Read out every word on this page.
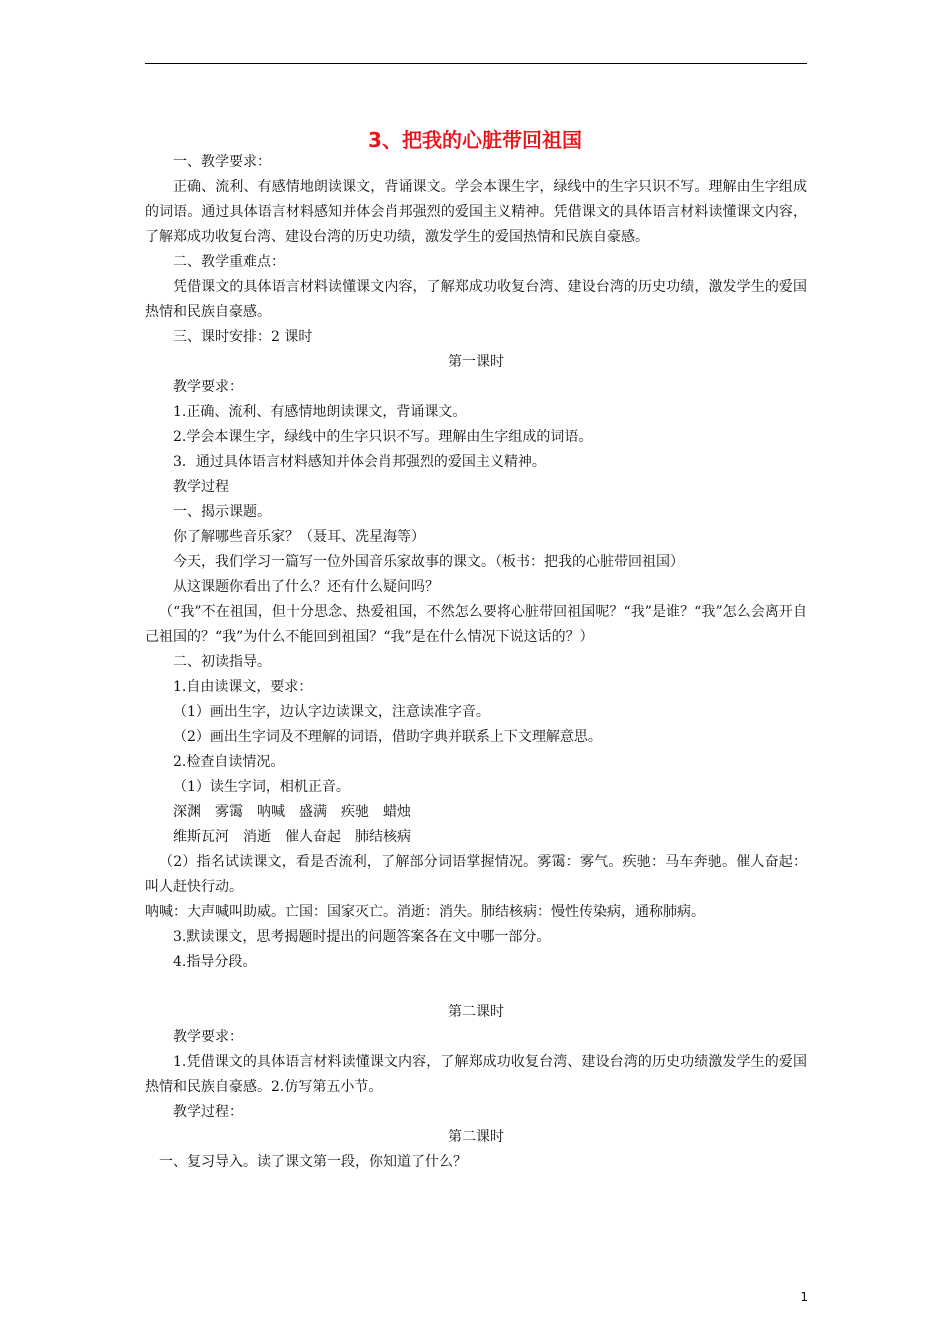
3、把我的心脏带回祖国

一、教学要求：

正确、流利、有感情地朗读课文，背诵课文。学会本课生字，绿线中的生字只识不写。理解由生字组成的词语。通过具体语言材料感知并体会肖邦强烈的爱国主义精神。凭借课文的具体语言材料读懂课文内容，了解郑成功收复台湾、建设台湾的历史功绩，激发学生的爱国热情和民族自豪感。

二、教学重难点：

凭借课文的具体语言材料读懂课文内容，了解郑成功收复台湾、建设台湾的历史功绩，激发学生的爱国热情和民族自豪感。

三、课时安排：2 课时

第一课时

教学要求：

1.正确、流利、有感情地朗读课文，背诵课文。

2.学会本课生字，绿线中的生字只识不写。理解由生字组成的词语。

3．通过具体语言材料感知并体会肖邦强烈的爱国主义精神。

教学过程

一、揭示课题。

你了解哪些音乐家？（聂耳、冼星海等）

今天，我们学习一篇写一位外国音乐家故事的课文。（板书：把我的心脏带回祖国）

从这课题你看出了什么？还有什么疑问吗？

（“我”不在祖国，但十分思念、热爱祖国，不然怎么要将心脏带回祖国呢？“我”是谁？“我”怎么会离开自己祖国的？“我”为什么不能回到祖国？“我”是在什么情况下说这话的？）

二、初读指导。

1.自由读课文，要求：

（1）画出生字，边认字边读课文，注意读准字音。

（2）画出生字词及不理解的词语，借助字典并联系上下文理解意思。

2.检查自读情况。

（1）读生字词，相机正音。

深渊　雾霭　呐喊　盛满　疾驰　蜡烛

维斯瓦河　消逝　催人奋起　肺结核病

（2）指名试读课文，看是否流利，了解部分词语掌握情况。雾霭：雾气。疾驰：马车奔驰。催人奋起：叫人赶快行动。

呐喊：大声喊叫助威。亡国：国家灭亡。消逝：消失。肺结核病：慢性传染病，通称肺病。

3.默读课文，思考揭题时提出的问题答案各在文中哪一部分。

4.指导分段。

第二课时

教学要求：

1.凭借课文的具体语言材料读懂课文内容，了解郑成功收复台湾、建设台湾的历史功绩激发学生的爱国热情和民族自豪感。2.仿写第五小节。

教学过程：

第二课时

一、复习导入。读了课文第一段，你知道了什么？

1
